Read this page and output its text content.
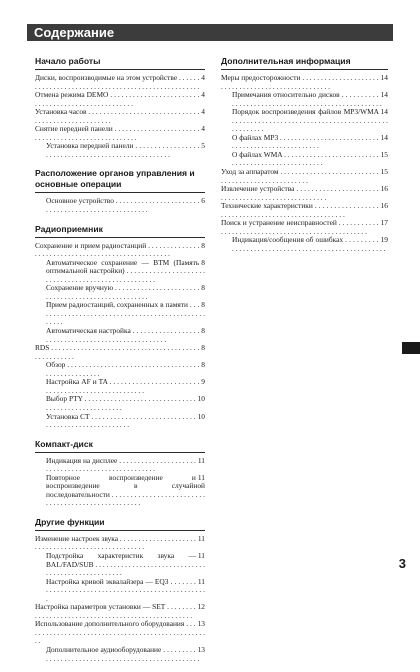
Содержание
Начало работы
4
Диски, воспроизводимые на этом устройстве . . . . . . . . . . . . . . . . . . . . . . . . . . . . . . . . . . . . . . . . . . . . . . . . . . .
4
Отмена режима DEMO . . . . . . . . . . . . . . . . . . . . . . . . . . . . . . . . . . . . . . . . . . . . . . . . . . .
4
Установка часов . . . . . . . . . . . . . . . . . . . . . . . . . . . . . . . . . . . . . . . . . . . . . . . . . . .
4
Снятие передней панели . . . . . . . . . . . . . . . . . . . . . . . . . . . . . . . . . . . . . . . . . . . . . . . . . . .
5
Установка передней панели . . . . . . . . . . . . . . . . . . . . . . . . . . . . . . . . . . . . . . . . . . . . . . . . . . .
Расположение органов управления и основные операции
6
Основное устройство . . . . . . . . . . . . . . . . . . . . . . . . . . . . . . . . . . . . . . . . . . . . . . . . . . .
Радиоприемник
8
Сохранение и прием радиостанций . . . . . . . . . . . . . . . . . . . . . . . . . . . . . . . . . . . . . . . . . . . . . . . . . . .
8
Автоматическое сохранение — BTM (Память оптимальной настройки) . . . . . . . . . . . . . . . . . . . . . . . . . . . . . . . . . . . . . . . . . . . . . . . . . . .
8
Сохранение вручную . . . . . . . . . . . . . . . . . . . . . . . . . . . . . . . . . . . . . . . . . . . . . . . . . . .
8
Прием радиостанций, сохраненных в памяти . . . . . . . . . . . . . . . . . . . . . . . . . . . . . . . . . . . . . . . . . . . . . . . . . . .
8
Автоматическая настройка . . . . . . . . . . . . . . . . . . . . . . . . . . . . . . . . . . . . . . . . . . . . . . . . . . .
8
RDS . . . . . . . . . . . . . . . . . . . . . . . . . . . . . . . . . . . . . . . . . . . . . . . . . . .
8
Обзор . . . . . . . . . . . . . . . . . . . . . . . . . . . . . . . . . . . . . . . . . . . . . . . . . . .
9
Настройка AF и TA . . . . . . . . . . . . . . . . . . . . . . . . . . . . . . . . . . . . . . . . . . . . . . . . . . .
10
Выбор PTY . . . . . . . . . . . . . . . . . . . . . . . . . . . . . . . . . . . . . . . . . . . . . . . . . . .
10
Установка CT . . . . . . . . . . . . . . . . . . . . . . . . . . . . . . . . . . . . . . . . . . . . . . . . . . .
Компакт-диск
11
Индикация на дисплее . . . . . . . . . . . . . . . . . . . . . . . . . . . . . . . . . . . . . . . . . . . . . . . . . . .
11
Повторное воспроизведение и воспроизведение в случайной последовательности . . . . . . . . . . . . . . . . . . . . . . . . . . . . . . . . . . . . . . . . . . . . . . . . . . .
Другие функции
11
Изменение настроек звука . . . . . . . . . . . . . . . . . . . . . . . . . . . . . . . . . . . . . . . . . . . . . . . . . . .
11
Подстройка характеристик звука — BAL/FAD/SUB . . . . . . . . . . . . . . . . . . . . . . . . . . . . . . . . . . . . . . . . . . . . . . . . . . .
11
Настройка кривой эквалайзера — EQ3 . . . . . . . . . . . . . . . . . . . . . . . . . . . . . . . . . . . . . . . . . . . . . . . . . . .
12
Настройка параметров установки — SET . . . . . . . . . . . . . . . . . . . . . . . . . . . . . . . . . . . . . . . . . . . . . . . . . . .
13
Использование дополнительного оборудования . . . . . . . . . . . . . . . . . . . . . . . . . . . . . . . . . . . . . . . . . . . . . . . . . . .
13
Дополнительное аудиооборудование . . . . . . . . . . . . . . . . . . . . . . . . . . . . . . . . . . . . . . . . . . . . . . . . . . .
Дополнительная информация
14
Меры предосторожности . . . . . . . . . . . . . . . . . . . . . . . . . . . . . . . . . . . . . . . . . . . . . . . . . . .
14
Примечания относительно дисков . . . . . . . . . . . . . . . . . . . . . . . . . . . . . . . . . . . . . . . . . . . . . . . . . . .
14
Порядок воспроизведения файлов MP3/WMA . . . . . . . . . . . . . . . . . . . . . . . . . . . . . . . . . . . . . . . . . . . . . . . . . . .
14
О файлах MP3 . . . . . . . . . . . . . . . . . . . . . . . . . . . . . . . . . . . . . . . . . . . . . . . . . . .
15
О файлах WMA . . . . . . . . . . . . . . . . . . . . . . . . . . . . . . . . . . . . . . . . . . . . . . . . . . .
15
Уход за аппаратом . . . . . . . . . . . . . . . . . . . . . . . . . . . . . . . . . . . . . . . . . . . . . . . . . . .
16
Извлечение устройства . . . . . . . . . . . . . . . . . . . . . . . . . . . . . . . . . . . . . . . . . . . . . . . . . . .
16
Технические характеристики . . . . . . . . . . . . . . . . . . . . . . . . . . . . . . . . . . . . . . . . . . . . . . . . . . .
17
Поиск и устранение неисправностей . . . . . . . . . . . . . . . . . . . . . . . . . . . . . . . . . . . . . . . . . . . . . . . . . . .
19
Индикация/сообщения об ошибках . . . . . . . . . . . . . . . . . . . . . . . . . . . . . . . . . . . . . . . . . . . . . . . . . . .
3
